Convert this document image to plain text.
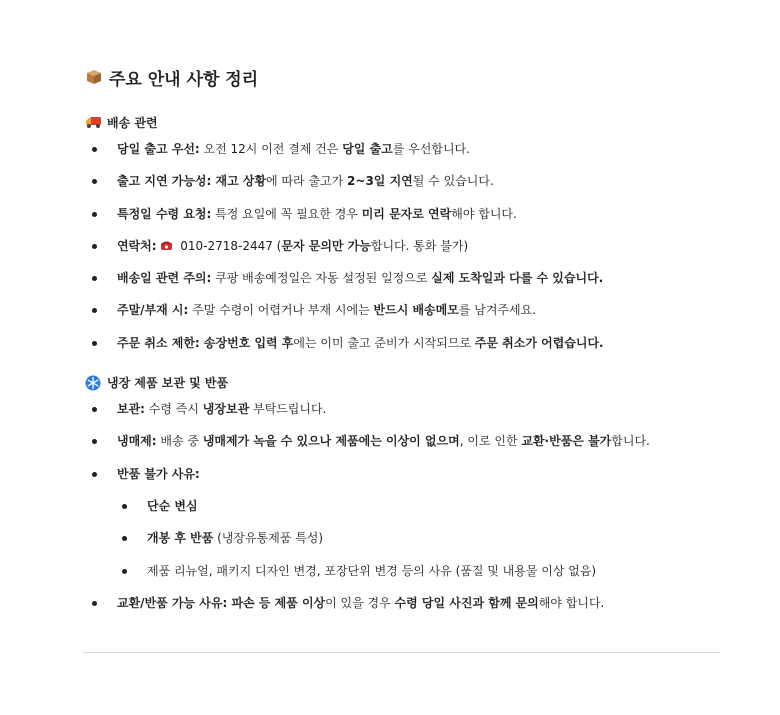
주요 안내 사항 정리
배송 관련
당일 출고 우선: 오전 12시 이전 결제 건은 당일 출고를 우선합니다.
출고 지연 가능성: 재고 상황에 따라 출고가 2~3일 지연될 수 있습니다.
특정일 수령 요청: 특정 요일에 꼭 필요한 경우 미리 문자로 연락해야 합니다.
연락처:  010-2718-2447 (문자 문의만 가능합니다. 통화 불가)
배송일 관련 주의: 쿠팡 배송예정일은 자동 설정된 일정으로 실제 도착일과 다를 수 있습니다.
주말/부재 시: 주말 수령이 어렵거나 부재 시에는 반드시 배송메모를 남겨주세요.
주문 취소 제한: 송장번호 입력 후에는 이미 출고 준비가 시작되므로 주문 취소가 어렵습니다.
냉장 제품 보관 및 반품
보관: 수령 즉시 냉장보관 부탁드립니다.
냉매제: 배송 중 냉매제가 녹을 수 있으나 제품에는 이상이 없으며, 이로 인한 교환·반품은 불가합니다.
반품 불가 사유:
단순 변심
개봉 후 반품 (냉장유통제품 특성)
제품 리뉴얼, 패키지 디자인 변경, 포장단위 변경 등의 사유 (품질 및 내용물 이상 없음)
교환/반품 가능 사유: 파손 등 제품 이상이 있을 경우 수령 당일 사진과 함께 문의해야 합니다.
